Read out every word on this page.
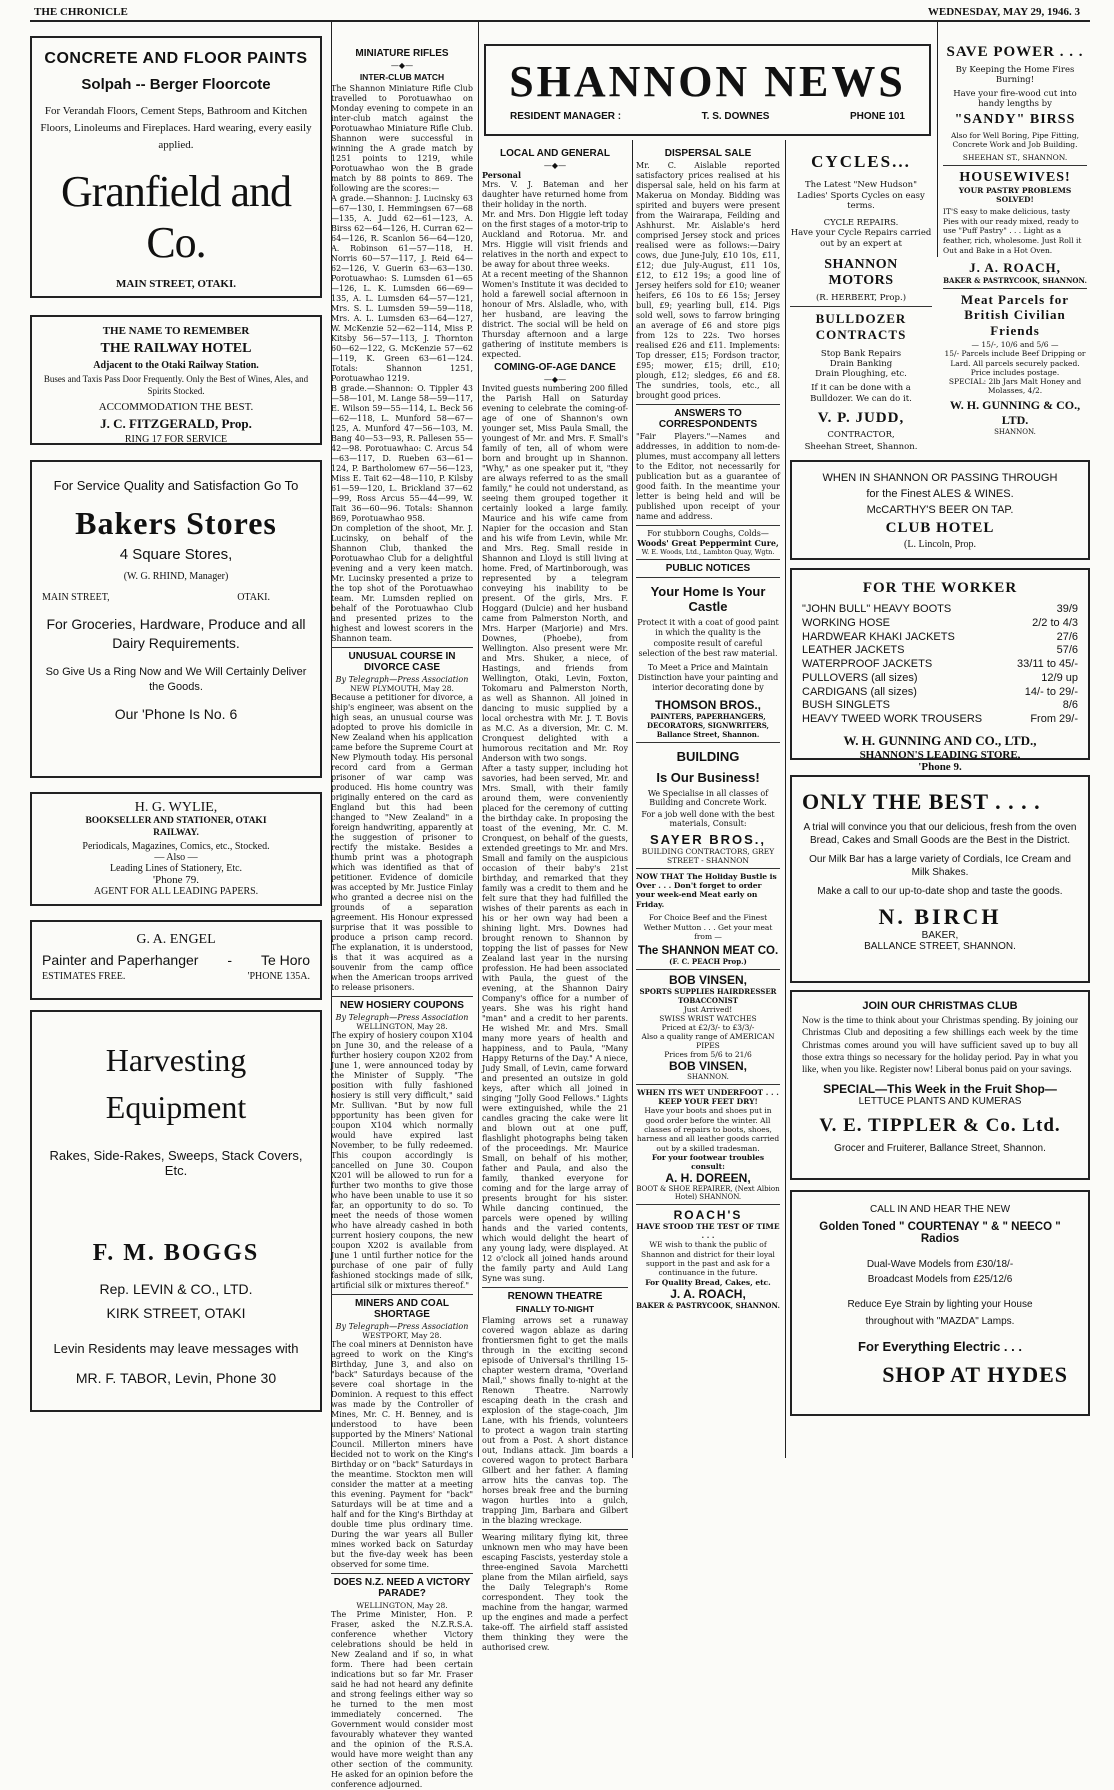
THE CHRONICLE	WEDNESDAY, MAY 29, 1946. 3
CONCRETE AND FLOOR PAINTS
Solpah -- Berger Floorcote
For Verandah Floors, Cement Steps, Bathroom and Kitchen Floors, Linoleums and Fireplaces. Hard wearing, every easily applied.
Granfield and Co.
MAIN STREET, OTAKI.
THE NAME TO REMEMBER
THE RAILWAY HOTEL
Adjacent to the Otaki Railway Station.
Buses and Taxis Pass Door Frequently. Only the Best of Wines, Ales, and Spirits Stocked.
ACCOMMODATION THE BEST.
J. C. FITZGERALD, Prop.
RING 17 FOR SERVICE
For Service Quality and Satisfaction Go To
Bakers Stores
4 Square Stores,
(W. G. RHIND, Manager)
MAIN STREET,	OTAKI.
For Groceries, Hardware, Produce and all Dairy Requirements.
So Give Us a Ring Now and We Will Certainly Deliver the Goods.
Our 'Phone Is No. 6
H. G. WYLIE,
BOOKSELLER AND STATIONER, OTAKI RAILWAY.
Periodicals, Magazines, Comics, etc., Stocked.
— Also —
Leading Lines of Stationery, Etc.
'Phone 79.
AGENT FOR ALL LEADING PAPERS.
G. A. ENGEL
Painter and Paperhanger - Te Horo
ESTIMATES FREE.	'PHONE 135A.
Harvesting
Equipment
Rakes, Side-Rakes, Sweeps, Stack Covers, Etc.
F. M. BOGGS
Rep. LEVIN & CO., LTD.
KIRK STREET, OTAKI
Levin Residents may leave messages with
MR. F. TABOR, Levin, Phone 30
MINIATURE RIFLES
—◆—
INTER-CLUB MATCH
The Shannon Miniature Rifle Club travelled to Porotuawhao on Monday evening to compete in an inter-club match against the Porotuawhao Miniature Rifle Club. Shannon were successful in winning the A grade match by 1251 points to 1219, while Porotuawhao won the B grade match by 88 points to 869. The following are the scores:—
A grade.—Shannon: J. Lucinsky 63—67—130, I. Hemmingsen 67—68—135, A. Judd 62—61—123, A. Birss 62—64—126, H. Curran 62—64—126, R. Scanlon 56—64—120, A. Robinson 61—57—118, H. Norris 60—57—117, J. Reid 64—62—126, V. Guerin 63—63—130. Porotuawhao: S. Lumsden 61—65—126, L. K. Lumsden 66—69—135, A. L. Lumsden 64—57—121, Mrs. S. L. Lumsden 59—59—118, Mrs. A. L. Lumsden 63—64—127, W. McKenzie 52—62—114, Miss P. Kitsby 56—57—113, J. Thornton 60—62—122, G. McKenzie 57—62—119, K. Green 63—61—124. Totals: Shannon 1251, Porotuawhao 1219.
B grade.—Shannon: O. Tippler 43—58—101, M. Lange 58—59—117, E. Wilson 59—55—114, L. Beck 56—62—118, L. Munford 58—67—125, A. Munford 47—56—103, M. Bang 40—53—93, R. Pallesen 55—42—98. Porotuawhao: C. Arcus 54—63—117, D. Rueben 63—61—124, P. Bartholomew 67—56—123, Miss E. Tait 62—48—110, P. Kilsby 61—59—120, L. Brickland 37—62—99, Ross Arcus 55—44—99, W. Tait 36—60—96. Totals: Shannon 869, Porotuawhao 958.
On completion of the shoot, Mr. J. Lucinsky, on behalf of the Shannon Club, thanked the Porotuawhao Club for a delightful evening and a very keen match. Mr. Lucinsky presented a prize to the top shot of the Porotuawhao team. Mr. Lumsden replied on behalf of the Porotuawhao Club and presented prizes to the highest and lowest scorers in the Shannon team.
UNUSUAL COURSE IN DIVORCE CASE
By Telegraph—Press Association
NEW PLYMOUTH, May 28.
Because a petitioner for divorce, a ship's engineer, was absent on the high seas, an unusual course was adopted to prove his domicile in New Zealand when his application came before the Supreme Court at New Plymouth today. His personal record card from a German prisoner of war camp was produced. His home country was originally entered on the card as England but this had been changed to "New Zealand" in a foreign handwriting, apparently at the suggestion of prisoner to rectify the mistake. Besides a thumb print was a photograph which was identified as that of petitioner. Evidence of domicile was accepted by Mr. Justice Finlay who granted a decree nisi on the grounds of a separation agreement. His Honour expressed surprise that it was possible to produce a prison camp record. The explanation, it is understood, is that it was acquired as a souvenir from the camp office when the American troops arrived to release prisoners.
NEW HOSIERY COUPONS
By Telegraph—Press Association
WELLINGTON, May 28.
The expiry of hosiery coupon X104 on June 30, and the release of a further hosiery coupon X202 from June 1, were announced today by the Minister of Supply. "The position with fully fashioned hosiery is still very difficult," said Mr. Sullivan. "But by now full opportunity has been given for coupon X104 which normally would have expired last November, to be fully redeemed. This coupon accordingly is cancelled on June 30. Coupon X201 will be allowed to run for a further two months to give those who have been unable to use it so far, an opportunity to do so. To meet the needs of those women who have already cashed in both current hosiery coupons, the new coupon X202 is available from June 1 until further notice for the purchase of one pair of fully fashioned stockings made of silk, artificial silk or mixtures thereof."
MINERS AND COAL SHORTAGE
By Telegraph—Press Association
WESTPORT, May 28.
The coal miners at Denniston have agreed to work on the King's Birthday, June 3, and also on "back" Saturdays because of the severe coal shortage in the Dominion. A request to this effect was made by the Controller of Mines, Mr. C. H. Benney, and is understood to have been supported by the Miners' National Council. Millerton miners have decided not to work on the King's Birthday or on "back" Saturdays in the meantime. Stockton men will consider the matter at a meeting this evening. Payment for "back" Saturdays will be at time and a half and for the King's Birthday at double time plus ordinary time. During the war years all Buller mines worked back on Saturday but the five-day week has been observed for some time.
DOES N.Z. NEED A VICTORY PARADE?
WELLINGTON, May 28.
The Prime Minister, Hon. P. Fraser, asked the N.Z.R.S.A. conference whether Victory celebrations should be held in New Zealand and if so, in what form. There had been certain indications but so far Mr. Fraser said he had not heard any definite and strong feelings either way so he turned to the men most immediately concerned. The Government would consider most favourably whatever they wanted and the opinion of the R.S.A. would have more weight than any other section of the community. He asked for an opinion before the conference adjourned.
SHANNON NEWS
RESIDENT MANAGER :	T. S. DOWNES	PHONE 101
LOCAL AND GENERAL
—◆—
Personal
Mrs. V. J. Bateman and her daughter have returned home from their holiday in the north.
Mr. and Mrs. Don Higgie left today on the first stages of a motor-trip to Auckland and Rotorua. Mr. and Mrs. Higgie will visit friends and relatives in the north and expect to be away for about three weeks.
At a recent meeting of the Shannon Women's Institute it was decided to hold a farewell social afternoon in honour of Mrs. Alsladle, who, with her husband, are leaving the district. The social will be held on Thursday afternoon and a large gathering of institute members is expected.
COMING-OF-AGE DANCE
—◆—
Invited guests numbering 200 filled the Parish Hall on Saturday evening to celebrate the coming-of-age of one of Shannon's own younger set, Miss Paula Small, the youngest of Mr. and Mrs. F. Small's family of ten, all of whom were born and brought up in Shannon. "Why," as one speaker put it, "they are always referred to as the small family," he could not understand, as seeing them grouped together it certainly looked a large family. Maurice and his wife came from Napier for the occasion and Stan and his wife from Levin, while Mr. and Mrs. Reg. Small reside in Shannon and Lloyd is still living at home. Fred, of Martinborough, was represented by a telegram conveying his inability to be present. Of the girls, Mrs. F. Hoggard (Dulcie) and her husband came from Palmerston North, and Mrs. Harper (Marjorie) and Mrs. Downes, (Phoebe), from Wellington. Also present were Mr. and Mrs. Shuker, a niece, of Hastings, and friends from Wellington, Otaki, Levin, Foxton, Tokomaru and Palmerston North, as well as Shannon. All joined in dancing to music supplied by a local orchestra with Mr. J. T. Bovis as M.C. As a diversion, Mr. C. M. Cronquest delighted with a humorous recitation and Mr. Roy Anderson with two songs.
After a tasty supper, including hot savories, had been served, Mr. and Mrs. Small, with their family around them, were conveniently placed for the ceremony of cutting the birthday cake. In proposing the toast of the evening, Mr. C. M. Cronquest, on behalf of the guests, extended greetings to Mr. and Mrs. Small and family on the auspicious occasion of their baby's 21st birthday, and remarked that they family was a credit to them and he felt sure that they had fulfilled the wishes of their parents as each in his or her own way had been a shining light. Mrs. Downes had brought renown to Shannon by topping the list of passes for New Zealand last year in the nursing profession. He had been associated with Paula, the guest of the evening, at the Shannon Dairy Company's office for a number of years. She was his right hand "man" and a credit to her parents. He wished Mr. and Mrs. Small many more years of health and happiness, and to Paula, "Many Happy Returns of the Day." A niece, Judy Small, of Levin, came forward and presented an outsize in gold keys, after which all joined in singing "Jolly Good Fellows." Lights were extinguished, while the 21 candles gracing the cake were lit and blown out at one puff, flashlight photographs being taken of the proceedings. Mr. Maurice Small, on behalf of his mother, father and Paula, and also the family, thanked everyone for coming and for the large array of presents brought for his sister. While dancing continued, the parcels were opened by willing hands and the varied contents, which would delight the heart of any young lady, were displayed. At 12 o'clock all joined hands around the family party and Auld Lang Syne was sung.
RENOWN THEATRE
FINALLY TO-NIGHT
Flaming arrows set a runaway covered wagon ablaze as daring frontiersmen fight to get the mails through in the exciting second episode of Universal's thrilling 15-chapter western drama, "Overland Mail," shows finally to-night at the Renown Theatre. Narrowly escaping death in the crash and explosion of the stage-coach, Jim Lane, with his friends, volunteers to protect a wagon train starting out from a Post. A short distance out, Indians attack. Jim boards a covered wagon to protect Barbara Gilbert and her father. A flaming arrow hits the canvas top. The horses break free and the burning wagon hurtles into a gulch, trapping Jim, Barbara and Gilbert in the blazing wreckage.
Wearing military flying kit, three unknown men who may have been escaping Fascists, yesterday stole a three-engined Savoia Marchetti plane from the Milan airfield, says the Daily Telegraph's Rome correspondent. They took the machine from the hangar, warmed up the engines and made a perfect take-off. The airfield staff assisted them thinking they were the authorised crew.
DISPERSAL SALE
Mr. C. Aislable reported satisfactory prices realised at his dispersal sale, held on his farm at Makerua on Monday. Bidding was spirited and buyers were present from the Wairarapa, Feilding and Ashhurst. Mr. Aislable's herd comprised Jersey stock and prices realised were as follows:—Dairy cows, due June-July, £10 10s, £11, £12; due July-August, £11 10s, £12, to £12 19s; a good line of Jersey heifers sold for £10; weaner heifers, £6 10s to £6 15s; Jersey bull, £9; yearling bull, £14. Pigs sold well, sows to farrow bringing an average of £6 and store pigs from 12s to 22s. Two horses realised £26 and £11. Implements: Top dresser, £15; Fordson tractor, £95; mower, £15; drill, £10; plough, £12; sledges, £6 and £8. The sundries, tools, etc., all brought good prices.
ANSWERS TO CORRESPONDENTS
"Fair Players."—Names and addresses, in addition to nom-de-plumes, must accompany all letters to the Editor, not necessarily for publication but as a guarantee of good faith. In the meantime your letter is being held and will be published upon receipt of your name and address.
For stubborn Coughs, Colds—
Woods' Great Peppermint Cure,
W. E. Woods, Ltd., Lambton Quay, Wgtn.
PUBLIC NOTICES
Your Home Is Your Castle
Protect it with a coat of good paint in which the quality is the composite result of careful selection of the best raw material.
To Meet a Price and Maintain Distinction have your painting and interior decorating done by
THOMSON BROS.,
PAINTERS, PAPERHANGERS, DECORATORS, SIGNWRITERS, Ballance Street, Shannon.
BUILDING
Is Our Business!
We Specialise in all classes of Building and Concrete Work.
For a job well done with the best materials, Consult:
SAYER BROS.,
BUILDING CONTRACTORS, GREY STREET - SHANNON
NOW THAT The Holiday Bustle is Over . . . Don't forget to order your week-end Meat early on Friday.
For Choice Beef and the Finest Wether Mutton . . . Get your meat from —
The SHANNON MEAT CO.
(F. C. PEACH Prop.)
BOB VINSEN,
SPORTS SUPPLIES HAIRDRESSER TOBACCONIST
Just Arrived!
SWISS WRIST WATCHES
Priced at £2/3/- to £3/3/-
Also a quality range of AMERICAN PIPES
Prices from 5/6 to 21/6
BOB VINSEN,
SHANNON.
WHEN ITS WET UNDERFOOT . . . KEEP YOUR FEET DRY!
Have your boots and shoes put in good order before the winter. All classes of repairs to boots, shoes, harness and all leather goods carried out by a skilled tradesman.
For your footwear troubles consult:
A. H. DOREEN,
BOOT & SHOE REPAIRER, (Next Albion Hotel) SHANNON.
ROACH'S
HAVE STOOD THE TEST OF TIME . . .
WE wish to thank the public of Shannon and district for their loyal support in the past and ask for a continuance in the future.
For Quality Bread, Cakes, etc.
J. A. ROACH,
BAKER & PASTRYCOOK, SHANNON.
CYCLES...
The Latest "New Hudson" Ladies' Sports Cycles on easy terms.
CYCLE REPAIRS.
Have your Cycle Repairs carried out by an expert at
SHANNON MOTORS
(R. HERBERT, Prop.)
BULLDOZER CONTRACTS
Stop Bank Repairs
Drain Banking
Drain Ploughing, etc.
If it can be done with a Bulldozer. We can do it.
V. P. JUDD,
CONTRACTOR,
Sheehan Street, Shannon.
SAVE POWER . . .
By Keeping the Home Fires Burning!
Have your fire-wood cut into handy lengths by
"SANDY" BIRSS
Also for Well Boring, Pipe Fitting, Concrete Work and Job Building.
SHEEHAN ST., SHANNON.
HOUSEWIVES!
YOUR PASTRY PROBLEMS SOLVED!
IT'S easy to make delicious, tasty Pies with our ready mixed, ready to use "Puff Pastry" . . . Light as a feather, rich, wholesome. Just Roll it Out and Bake in a Hot Oven.
J. A. ROACH,
BAKER & PASTRYCOOK, SHANNON.
Meat Parcels for British Civilian Friends
— 15/-, 10/6 and 5/6 —
15/- Parcels include Beef Dripping or Lard. All parcels securely packed.
Price includes postage.
SPECIAL: 2lb Jars Malt Honey and Molasses, 4/2.
W. H. GUNNING & CO., LTD.
SHANNON.
WHEN IN SHANNON OR PASSING THROUGH
for the Finest ALES & WINES.
McCARTHY'S BEER ON TAP.
CLUB HOTEL
(L. Lincoln, Prop.
FOR THE WORKER
"JOHN BULL" HEAVY BOOTS	39/9
WORKING HOSE	2/2 to 4/3
HARDWEAR KHAKI JACKETS	27/6
LEATHER JACKETS	57/6
WATERPROOF JACKETS	33/11 to 45/-
PULLOVERS (all sizes)	12/9 up
CARDIGANS (all sizes)	14/- to 29/-
BUSH SINGLETS	8/6
HEAVY TWEED WORK TROUSERS	From 29/-
W. H. GUNNING AND CO., LTD.,
SHANNON'S LEADING STORE,
'Phone 9.
ONLY THE BEST . . . .
A trial will convince you that our delicious, fresh from the oven Bread, Cakes and Small Goods are the Best in the District.
Our Milk Bar has a large variety of Cordials, Ice Cream and Milk Shakes.
Make a call to our up-to-date shop and taste the goods.
N. BIRCH
BAKER,
BALLANCE STREET, SHANNON.
JOIN OUR CHRISTMAS CLUB
Now is the time to think about your Christmas spending. By joining our Christmas Club and depositing a few shillings each week by the time Christmas comes around you will have sufficient saved up to buy all those extra things so necessary for the holiday period. Pay in what you like, when you like. Register now! Liberal bonus paid on your savings.
SPECIAL—This Week in the Fruit Shop—
LETTUCE PLANTS AND KUMERAS
V. E. TIPPLER & Co. Ltd.
Grocer and Fruiterer, Ballance Street, Shannon.
CALL IN AND HEAR THE NEW
Golden Toned " COURTENAY " & " NEECO " Radios
Dual-Wave Models from £30/18/-
Broadcast Models from £25/12/6
Reduce Eye Strain by lighting your House
throughout with "MAZDA" Lamps.
For Everything Electric . . .
SHOP AT HYDES
